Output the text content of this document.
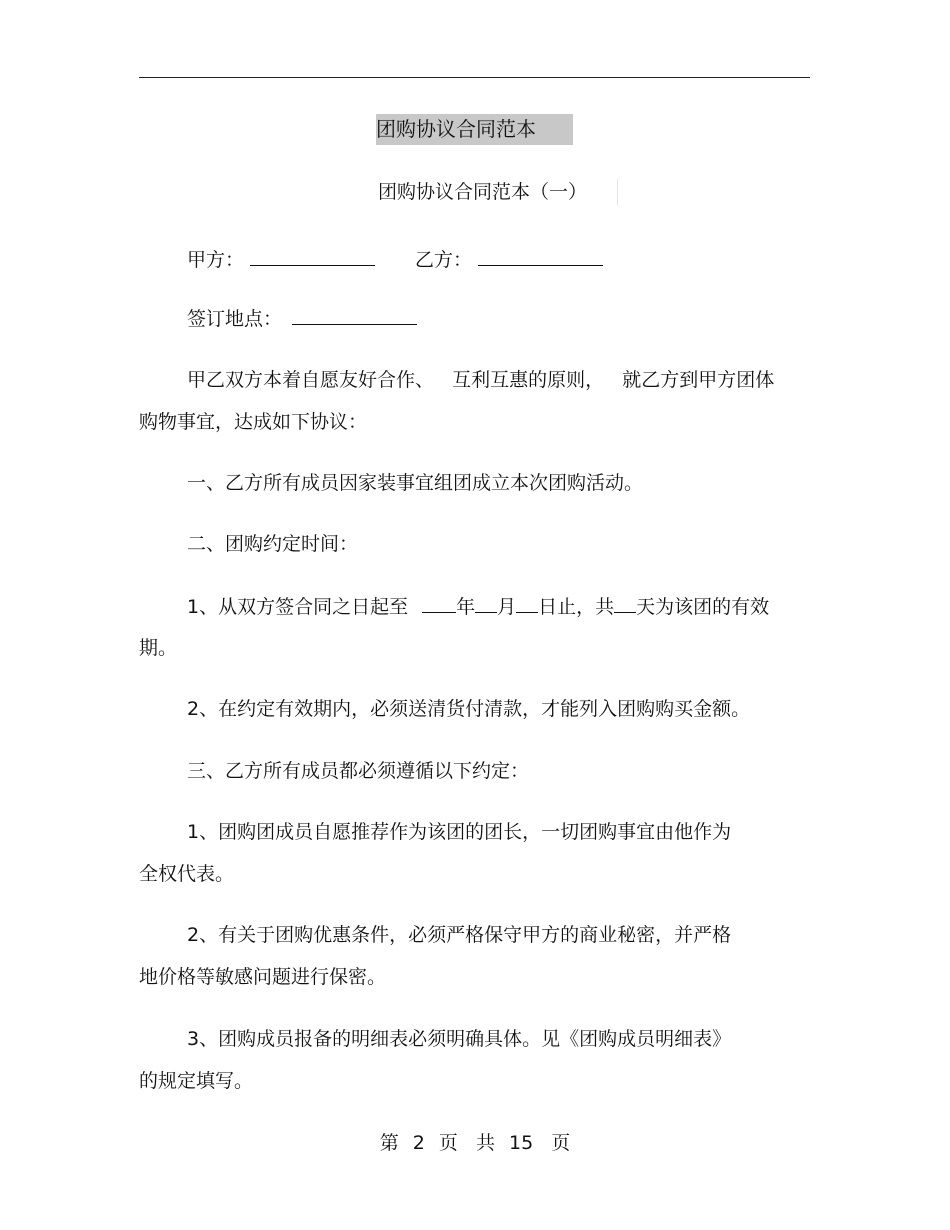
团购协议合同范本
团购协议合同范本（一）
甲方：	乙方：
签订地点：
甲乙双方本着自愿友好合作、   互利互惠的原则，   就乙方到甲方团体
购物事宜，达成如下协议：
一、乙方所有成员因家装事宜组团成立本次团购活动。
二、团购约定时间：
1、从双方签合同之日起至	年 月 日止，共 天为该团的有效
期。
2、在约定有效期内，必须送清货付清款，才能列入团购购买金额。
三、乙方所有成员都必须遵循以下约定：
1、团购团成员自愿推荐作为该团的团长，一切团购事宜由他作为
全权代表。
2、有关于团购优惠条件，必须严格保守甲方的商业秘密，并严格
地价格等敏感问题进行保密。
3、团购成员报备的明细表必须明确具体。见《团购成员明细表》
的规定填写。
第 2 页 共 15 页
